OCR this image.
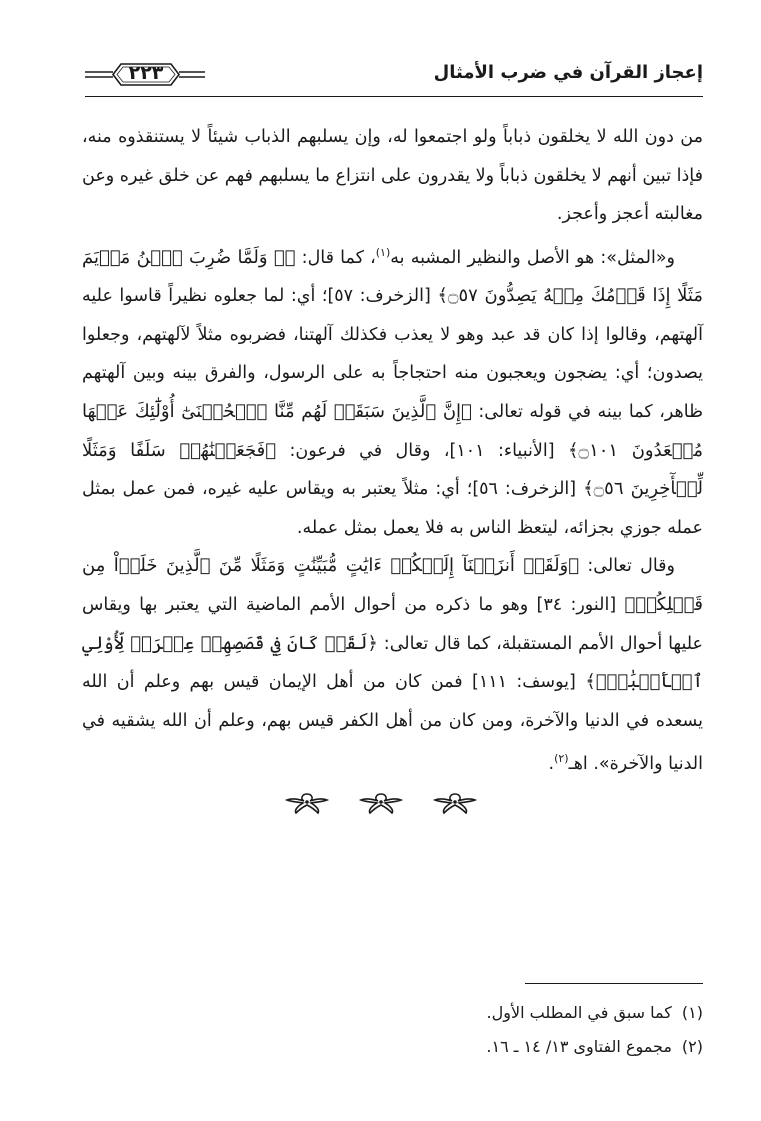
إعجاز القرآن في ضرب الأمثال
٢٢٣

من دون الله لا يخلقون ذباباً ولو اجتمعوا له، وإن يسلبهم الذباب شيئاً لا يستنقذوه منه، فإذا تبين أنهم لا يخلقون ذباباً ولا يقدرون على انتزاع ما يسلبهم فهم عن خلق غيره وعن مغالبته أعجز وأعجز.

و«المثل»: هو الأصل والنظير المشبه به$^{(١)}$، كما قال: ﴿۞ وَلَمَّا ضُرِبَ ٱبۡنُ مَرۡيَمَ مَثَلًا إِذَا قَوۡمُكَ مِنۡهُ يَصِدُّونَ ۝٥٧﴾ [الزخرف: ٥٧]؛ أي: لما جعلوه نظيراً قاسوا عليه آلهتهم، وقالوا إذا كان قد عبد وهو لا يعذب فكذلك آلهتنا، فضربوه مثلاً لآلهتهم، وجعلوا يصدون؛ أي: يضجون ويعجبون منه احتجاجاً به على الرسول، والفرق بينه وبين آلهتهم ظاهر، كما بينه في قوله تعالى: ﴿إِنَّ ٱلَّذِينَ سَبَقَتۡ لَهُم مِّنَّا ٱلۡحُسۡنَىٰٓ أُوْلَٰٓئِكَ عَنۡهَا مُبۡعَدُونَ ۝١٠١﴾ [الأنبياء: ١٠١]، وقال في فرعون: ﴿فَجَعَلۡنَٰهُمۡ سَلَفًا وَمَثَلًا لِّلۡأٓخِرِينَ ۝٥٦﴾ [الزخرف: ٥٦]؛ أي: مثلاً يعتبر به ويقاس عليه غيره، فمن عمل بمثل عمله جوزي بجزائه، ليتعظ الناس به فلا يعمل بمثل عمله.

وقال تعالى: ﴿وَلَقَدۡ أَنزَلۡنَآ إِلَيۡكُمۡ ءَايَٰتٍ مُّبَيِّنَٰتٍ وَمَثَلًا مِّنَ ٱلَّذِينَ خَلَوۡاْ مِن قَبۡلِكُمۡ﴾ [النور: ٣٤] وهو ما ذكره من أحوال الأمم الماضية التي يعتبر بها ويقاس عليها أحوال الأمم المستقبلة، كما قال تعالى: ﴿لَقَدۡ كَانَ فِي قَصَصِهِمۡ عِبۡرَةٞ لِّأُوْلِي ٱلۡأَلۡبَٰبِۗ﴾ [يوسف: ١١١] فمن كان من أهل الإيمان قيس بهم وعلم أن الله يسعده في الدنيا والآخرة، ومن كان من أهل الكفر قيس بهم، وعلم أن الله يشقيه في الدنيا والآخرة». اهـ$^{(٢)}$.

(١)كما سبق في المطلب الأول.
(٢)مجموع الفتاوى ١٣/ ١٤ ـ ١٦.
